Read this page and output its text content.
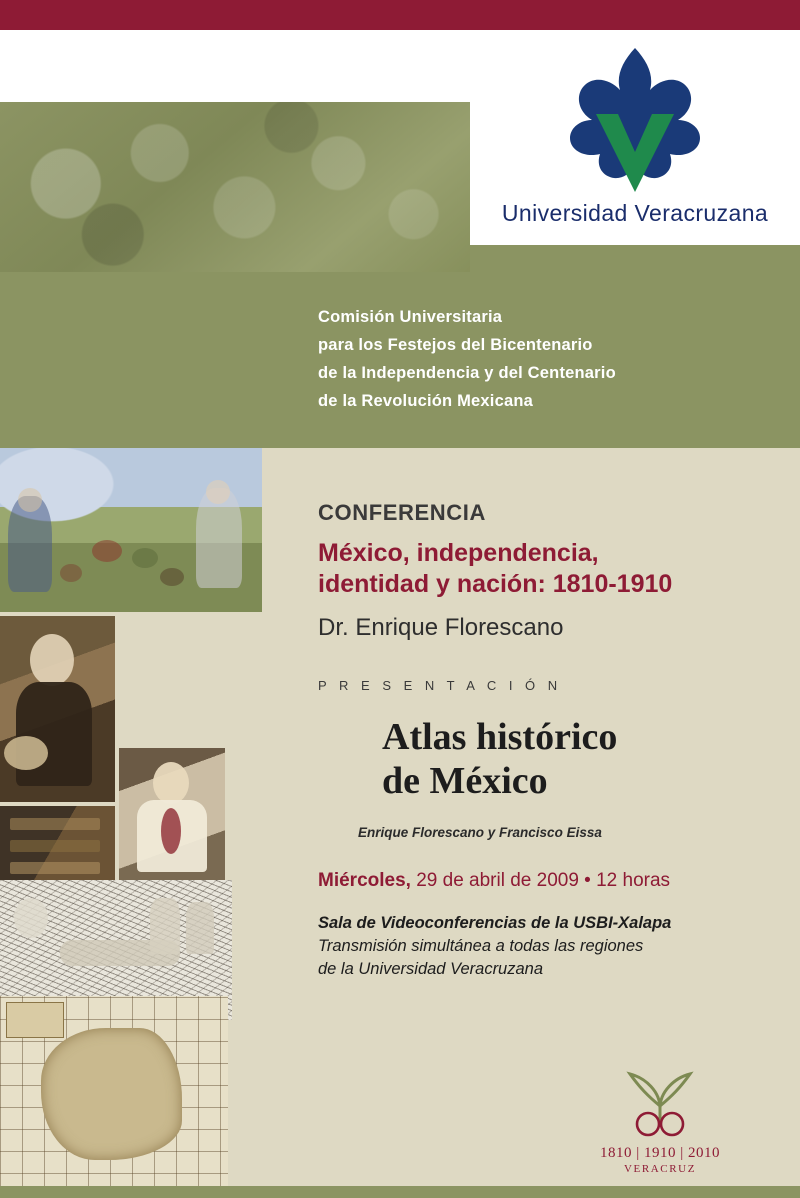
Universidad Veracruzana
Comisión Universitaria
para los Festejos del Bicentenario
de la Independencia y del Centenario
de la Revolución Mexicana
CONFERENCIA
México, independencia,
identidad y nación: 1810-1910
Dr. Enrique Florescano
P R E S E N T A C I Ó N
Atlas histórico
de México
Enrique Florescano y Francisco Eissa
Miércoles, 29 de abril de 2009 • 12 horas
Sala de Videoconferencias de la USBI-Xalapa
Transmisión simultánea a todas las regiones
de la Universidad Veracruzana
1810 | 1910 | 2010
VERACRUZ
